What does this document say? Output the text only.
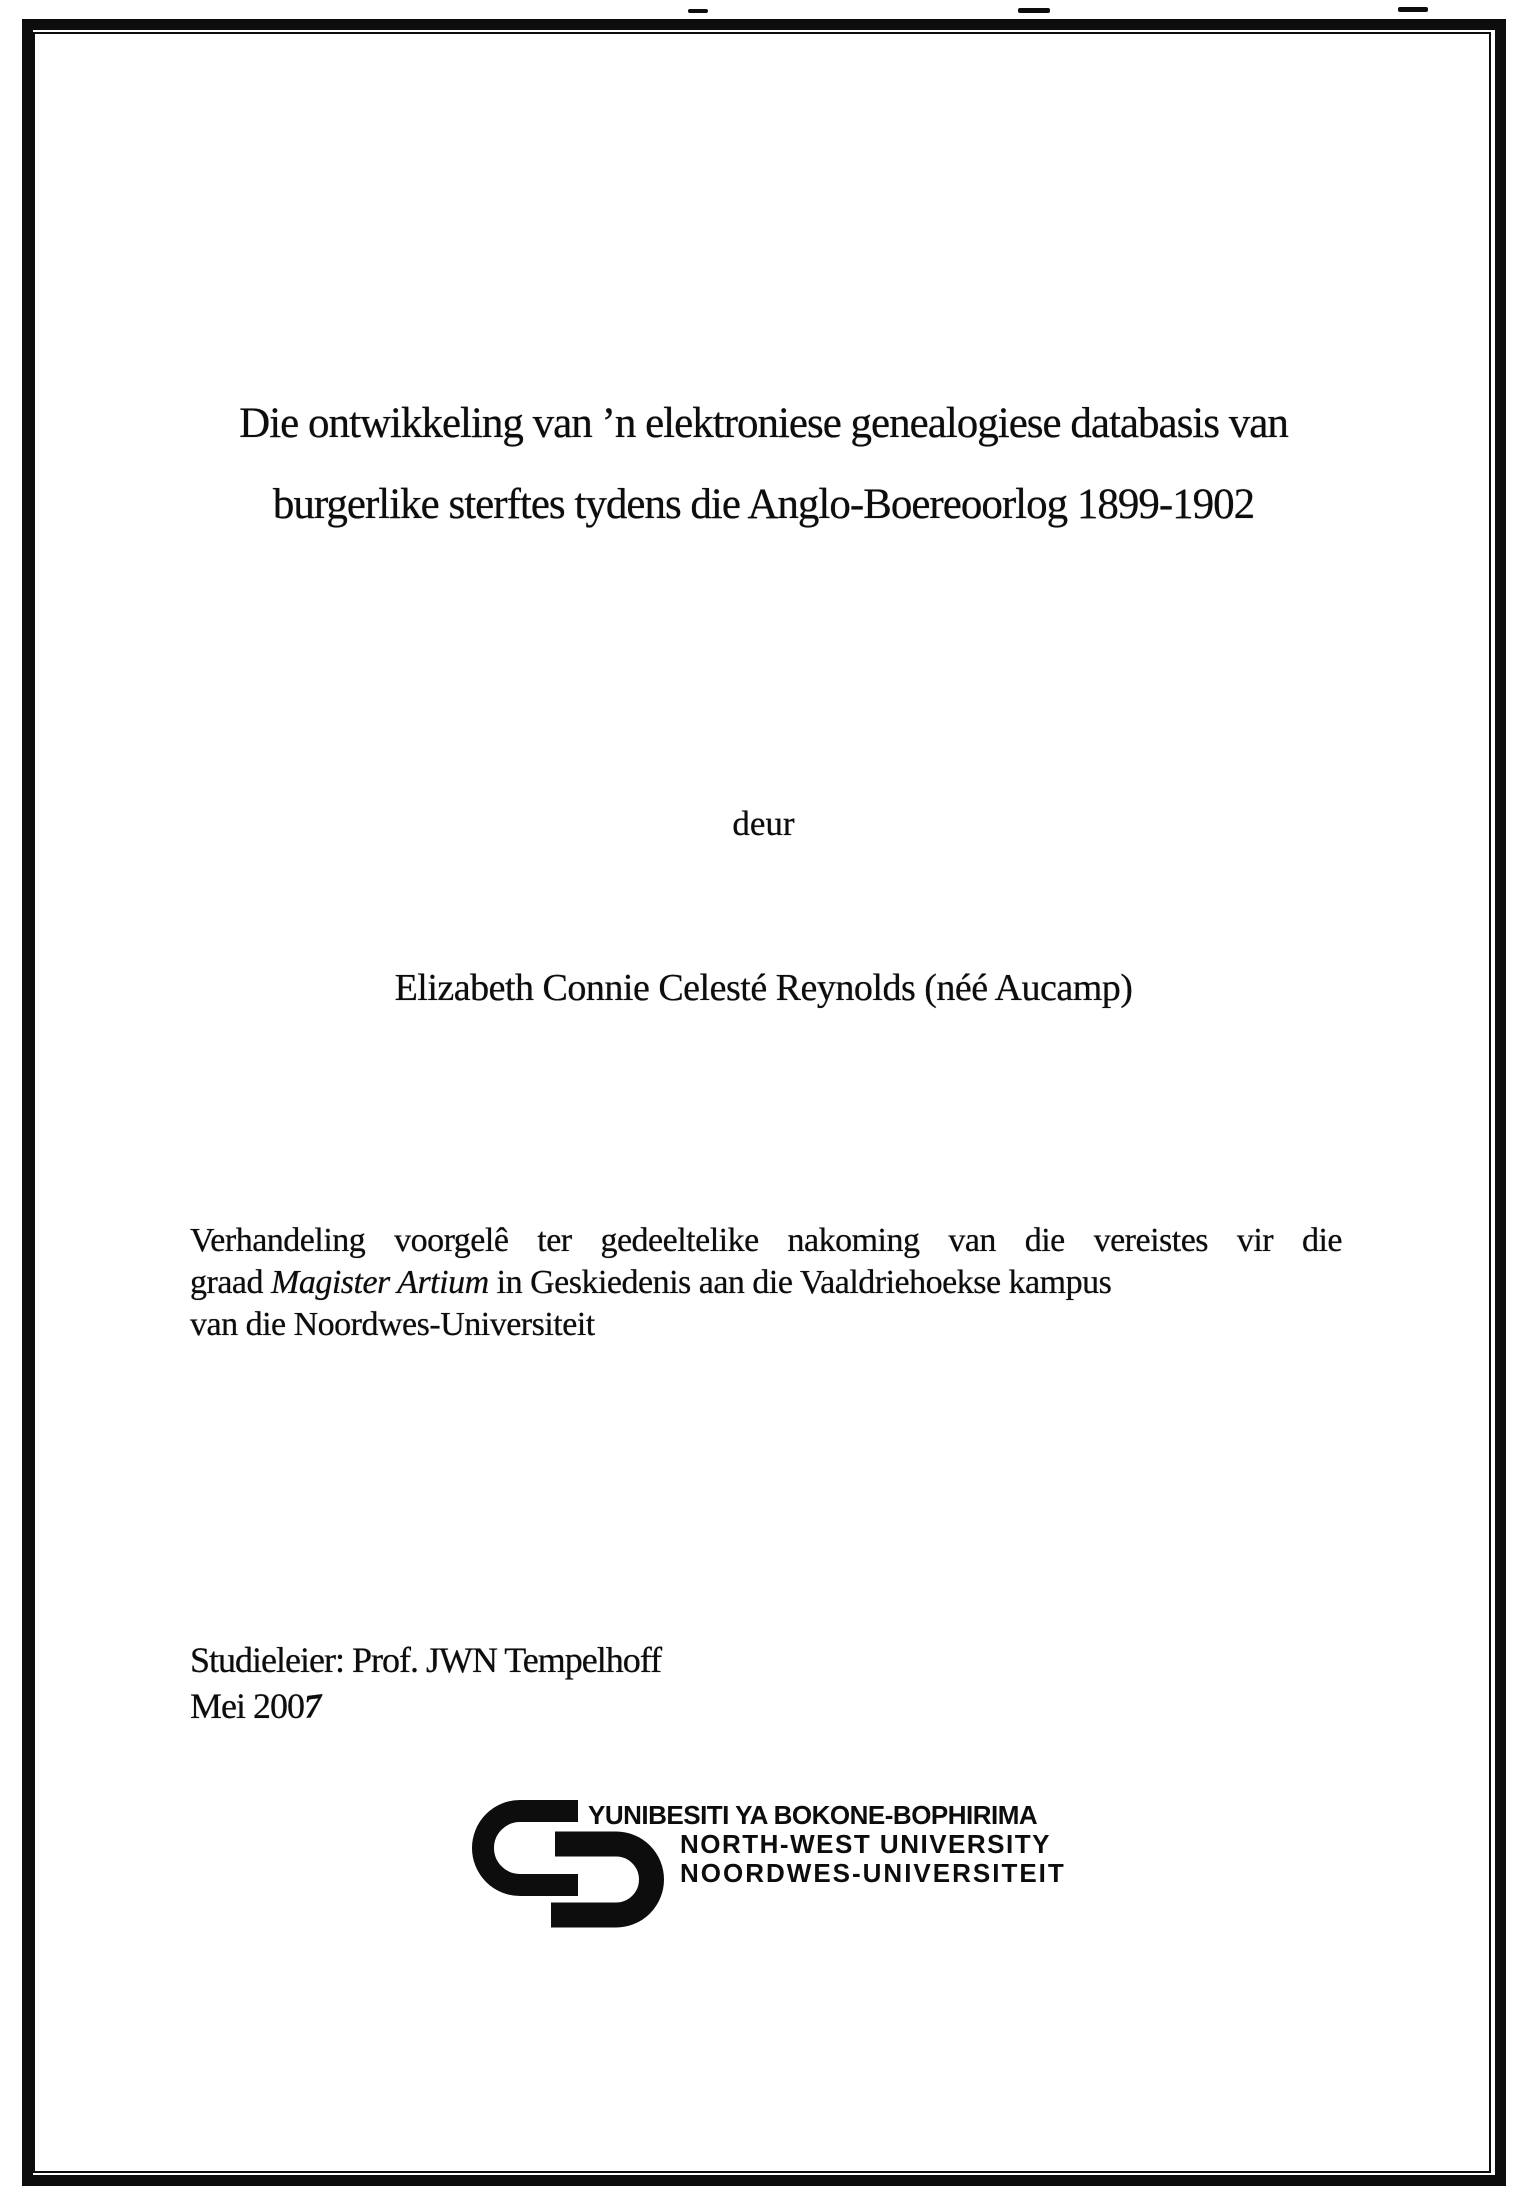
Die ontwikkeling van ’n elektroniese genealogiese databasis van
burgerlike sterftes tydens die Anglo-Boereoorlog 1899-1902
deur
Elizabeth Connie Celesté Reynolds (néé Aucamp)

Verhandeling voorgelê ter gedeeltelike nakoming van die vereistes vir die

graad Magister Artium in Geskiedenis aan die Vaaldriehoekse kampus

van die Noordwes-Universiteit

Studieleier: Prof. JWN Tempelhoff
Mei 2007
YUNIBESITI YA BOKONE-BOPHIRIMA
NORTH-WEST UNIVERSITY
NOORDWES-UNIVERSITEIT
